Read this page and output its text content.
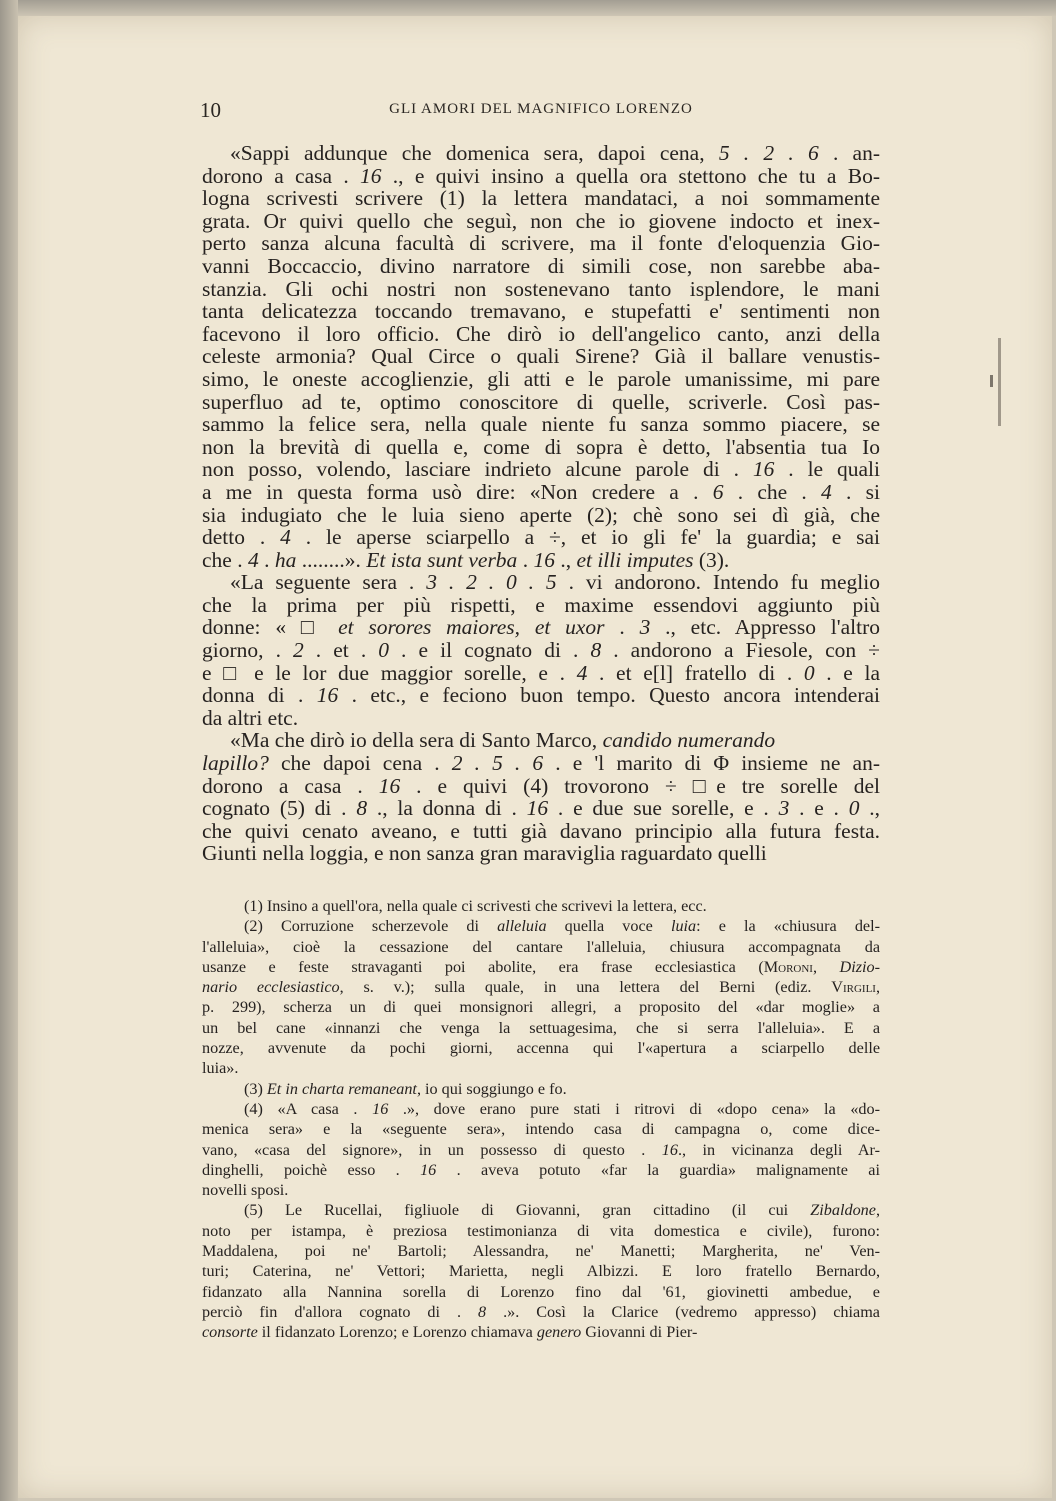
10	GLI AMORI DEL MAGNIFICO LORENZO
«Sappi addunque che domenica sera, dapoi cena, 5 . 2 . 6 . an-
dorono a casa . 16 ., e quivi insino a quella ora stettono che tu a Bo-
logna scrivesti scrivere (1) la lettera mandataci, a noi sommamente
grata. Or quivi quello che seguì, non che io giovene indocto et inex-
perto sanza alcuna facultà di scrivere, ma il fonte d'eloquenzia Gio-
vanni Boccaccio, divino narratore di simili cose, non sarebbe aba-
stanzia. Gli ochi nostri non sostenevano tanto isplendore, le mani
tanta delicatezza toccando tremavano, e stupefatti e' sentimenti non
facevono il loro officio. Che dirò io dell'angelico canto, anzi della
celeste armonia? Qual Circe o quali Sirene? Già il ballare venustis-
simo, le oneste accoglienzie, gli atti e le parole umanissime, mi pare
superfluo ad te, optimo conoscitore di quelle, scriverle. Così pas-
sammo la felice sera, nella quale niente fu sanza sommo piacere, se
non la brevità di quella e, come di sopra è detto, l'absentia tua Io
non posso, volendo, lasciare indrieto alcune parole di . 16 . le quali
a me in questa forma usò dire: «Non credere a . 6 . che . 4 . si
sia indugiato che le luia sieno aperte (2); chè sono sei dì già, che
detto . 4 . le aperse sciarpello a ÷, et io gli fe' la guardia; e sai
che . 4 . ha ........». Et ista sunt verba . 16 ., et illi imputes (3).
«La seguente sera . 3 . 2 . 0 . 5 . vi andorono. Intendo fu meglio
che la prima per più rispetti, e maxime essendovi aggiunto più
donne: « □ et sorores maiores, et uxor . 3 ., etc. Appresso l'altro
giorno, . 2 . et . 0 . e il cognato di . 8 . andorono a Fiesole, con ÷
e □ e le lor due maggior sorelle, e . 4 . et e[l] fratello di . 0 . e la
donna di . 16 . etc., e feciono buon tempo. Questo ancora intenderai
da altri etc.
«Ma che dirò io della sera di Santo Marco, candido numerando
lapillo? che dapoi cena . 2 . 5 . 6 . e 'l marito di Φ insieme ne an-
dorono a casa . 16 . e quivi (4) trovorono ÷ □e tre sorelle del
cognato (5) di . 8 ., la donna di . 16 . e due sue sorelle, e . 3 . e . 0 .,
che quivi cenato aveano, e tutti già davano principio alla futura festa.
Giunti nella loggia, e non sanza gran maraviglia raguardato quelli
(1) Insino a quell'ora, nella quale ci scrivesti che scrivevi la lettera, ecc.
(2) Corruzione scherzevole di alleluia quella voce luia: e la «chiusura del-
l'alleluia», cioè la cessazione del cantare l'alleluia, chiusura accompagnata da
usanze e feste stravaganti poi abolite, era frase ecclesiastica (Moroni, Dizio-
nario ecclesiastico, s. v.); sulla quale, in una lettera del Berni (ediz. Virgili,
p. 299), scherza un di quei monsignori allegri, a proposito del «dar moglie» a
un bel cane «innanzi che venga la settuagesima, che si serra l'alleluia». E a
nozze, avvenute da pochi giorni, accenna qui l'«apertura a sciarpello delle
luia».
(3) Et in charta remaneant, io qui soggiungo e fo.
(4) «A casa . 16 .», dove erano pure stati i ritrovi di «dopo cena» la «do-
menica sera» e la «seguente sera», intendo casa di campagna o, come dice-
vano, «casa del signore», in un possesso di questo . 16., in vicinanza degli Ar-
dinghelli, poichè esso . 16 . aveva potuto «far la guardia» malignamente ai
novelli sposi.
(5) Le Rucellai, figliuole di Giovanni, gran cittadino (il cui Zibaldone,
noto per istampa, è preziosa testimonianza di vita domestica e civile), furono:
Maddalena, poi ne' Bartoli; Alessandra, ne' Manetti; Margherita, ne' Ven-
turi; Caterina, ne' Vettori; Marietta, negli Albizzi. E loro fratello Bernardo,
fidanzato alla Nannina sorella di Lorenzo fino dal '61, giovinetti ambedue, e
perciò fin d'allora cognato di . 8 .». Così la Clarice (vedremo appresso) chiama
consorte il fidanzato Lorenzo; e Lorenzo chiamava genero Giovanni di Pier-
